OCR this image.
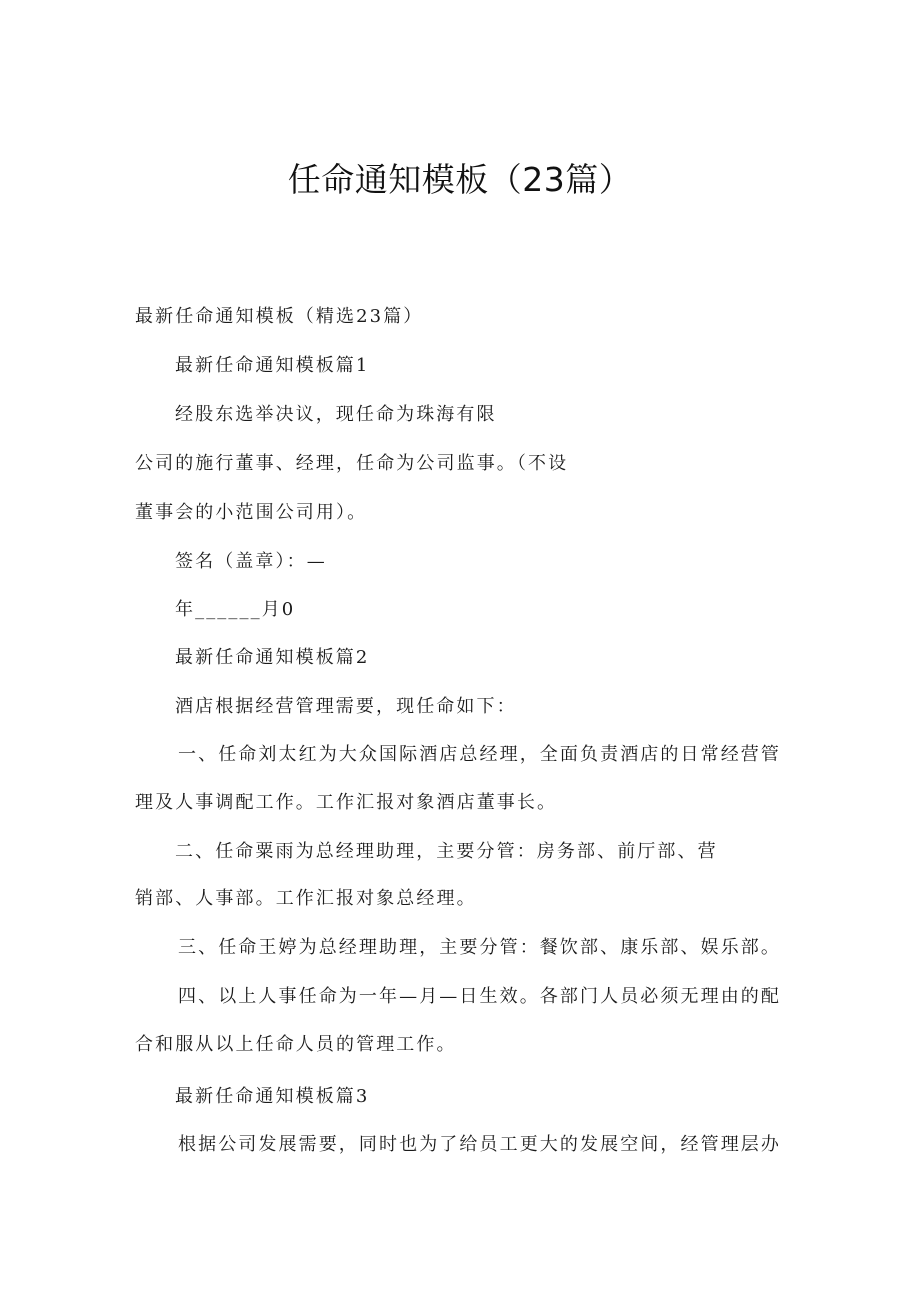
任命通知模板（23篇）
最新任命通知模板（精选23篇）
最新任命通知模板篇1
经股东选举决议，现任命为珠海有限
公司的施行董事、经理，任命为公司监事。（不设
董事会的小范围公司用）。
签名（盖章）：—
年______月0
最新任命通知模板篇2
酒店根据经营管理需要，现任命如下：
一、任命刘太红为大众国际酒店总经理，全面负责酒店的日常经营管
理及人事调配工作。工作汇报对象酒店董事长。
二、任命粟雨为总经理助理，主要分管：房务部、前厅部、营
销部、人事部。工作汇报对象总经理。
三、任命王婷为总经理助理，主要分管：餐饮部、康乐部、娱乐部。
四、以上人事任命为一年—月—日生效。各部门人员必须无理由的配
合和服从以上任命人员的管理工作。
最新任命通知模板篇3
根据公司发展需要，同时也为了给员工更大的发展空间，经管理层办
